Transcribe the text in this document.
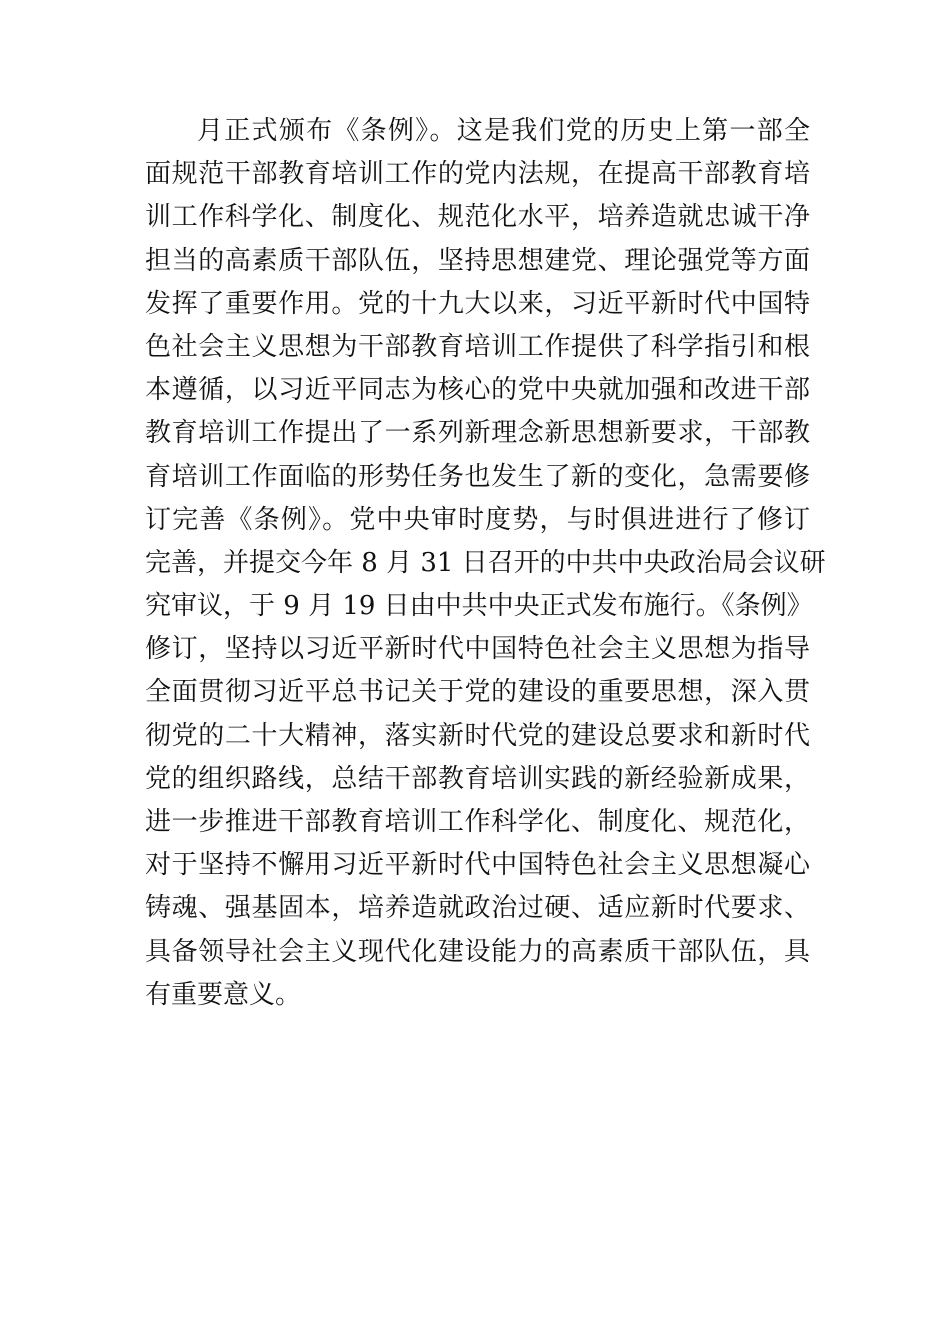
月正式颁布《条例》。这是我们党的历史上第一部全
面规范干部教育培训工作的党内法规，在提高干部教育培
训工作科学化、制度化、规范化水平，培养造就忠诚干净
担当的高素质干部队伍，坚持思想建党、理论强党等方面
发挥了重要作用。党的十九大以来，习近平新时代中国特
色社会主义思想为干部教育培训工作提供了科学指引和根
本遵循，以习近平同志为核心的党中央就加强和改进干部
教育培训工作提出了一系列新理念新思想新要求，干部教
育培训工作面临的形势任务也发生了新的变化，急需要修
订完善《条例》。党中央审时度势，与时俱进进行了修订
完善，并提交今年 8 月 31 日召开的中共中央政治局会议研
究审议，于 9 月 19 日由中共中央正式发布施行。《条例》
修订，坚持以习近平新时代中国特色社会主义思想为指导
全面贯彻习近平总书记关于党的建设的重要思想，深入贯
彻党的二十大精神，落实新时代党的建设总要求和新时代
党的组织路线，总结干部教育培训实践的新经验新成果，
进一步推进干部教育培训工作科学化、制度化、规范化，
对于坚持不懈用习近平新时代中国特色社会主义思想凝心
铸魂、强基固本，培养造就政治过硬、适应新时代要求、
具备领导社会主义现代化建设能力的高素质干部队伍，具
有重要意义。
